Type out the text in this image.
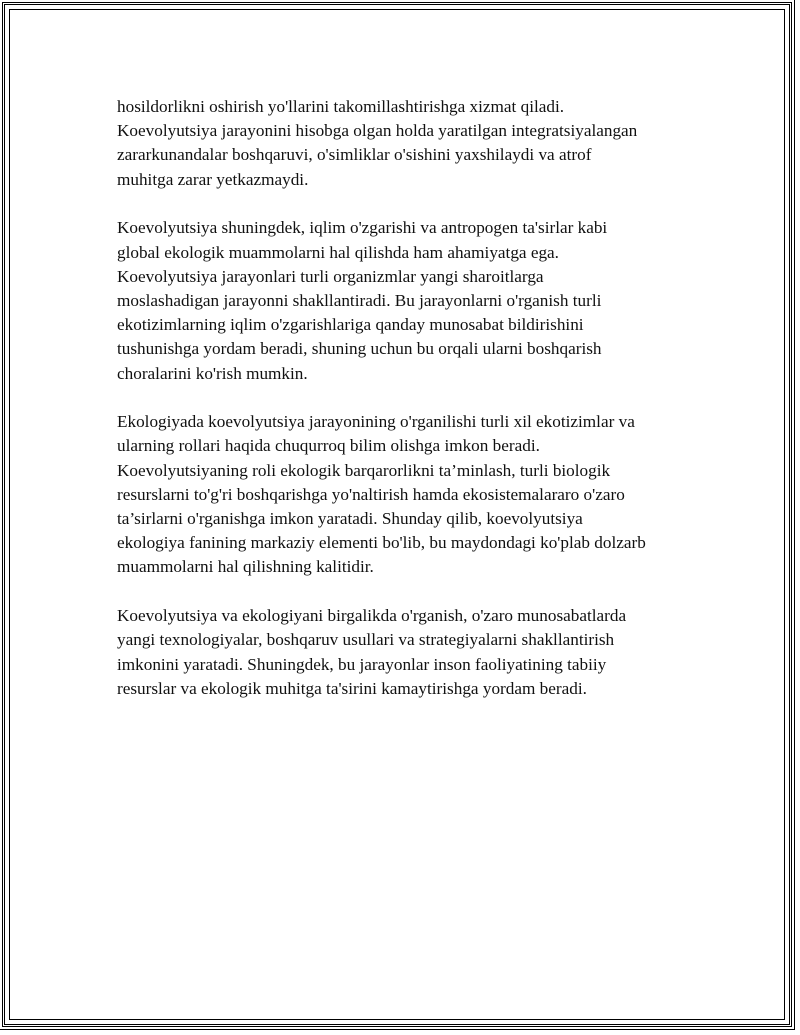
hosildorlikni oshirish yo'llarini takomillashtirishga xizmat qiladi.
Koevolyutsiya jarayonini hisobga olgan holda yaratilgan integratsiyalangan
zararkunandalar boshqaruvi, o'simliklar o'sishini yaxshilaydi va atrof
muhitga zarar yetkazmaydi.

Koevolyutsiya shuningdek, iqlim o'zgarishi va antropogen ta'sirlar kabi
global ekologik muammolarni hal qilishda ham ahamiyatga ega.
Koevolyutsiya jarayonlari turli organizmlar yangi sharoitlarga
moslashadigan jarayonni shakllantiradi. Bu jarayonlarni o'rganish turli
ekotizimlarning iqlim o'zgarishlariga qanday munosabat bildirishini
tushunishga yordam beradi, shuning uchun bu orqali ularni boshqarish
choralarini ko'rish mumkin.

Ekologiyada koevolyutsiya jarayonining o'rganilishi turli xil ekotizimlar va
ularning rollari haqida chuqurroq bilim olishga imkon beradi.
Koevolyutsiyaning roli ekologik barqarorlikni ta’minlash, turli biologik
resurslarni to'g'ri boshqarishga yo'naltirish hamda ekosistemalararo o'zaro
ta’sirlarni o'rganishga imkon yaratadi. Shunday qilib, koevolyutsiya
ekologiya fanining markaziy elementi bo'lib, bu maydondagi ko'plab dolzarb
muammolarni hal qilishning kalitidir.

Koevolyutsiya va ekologiyani birgalikda o'rganish, o'zaro munosabatlarda
yangi texnologiyalar, boshqaruv usullari va strategiyalarni shakllantirish
imkonini yaratadi. Shuningdek, bu jarayonlar inson faoliyatining tabiiy
resurslar va ekologik muhitga ta'sirini kamaytirishga yordam beradi.
